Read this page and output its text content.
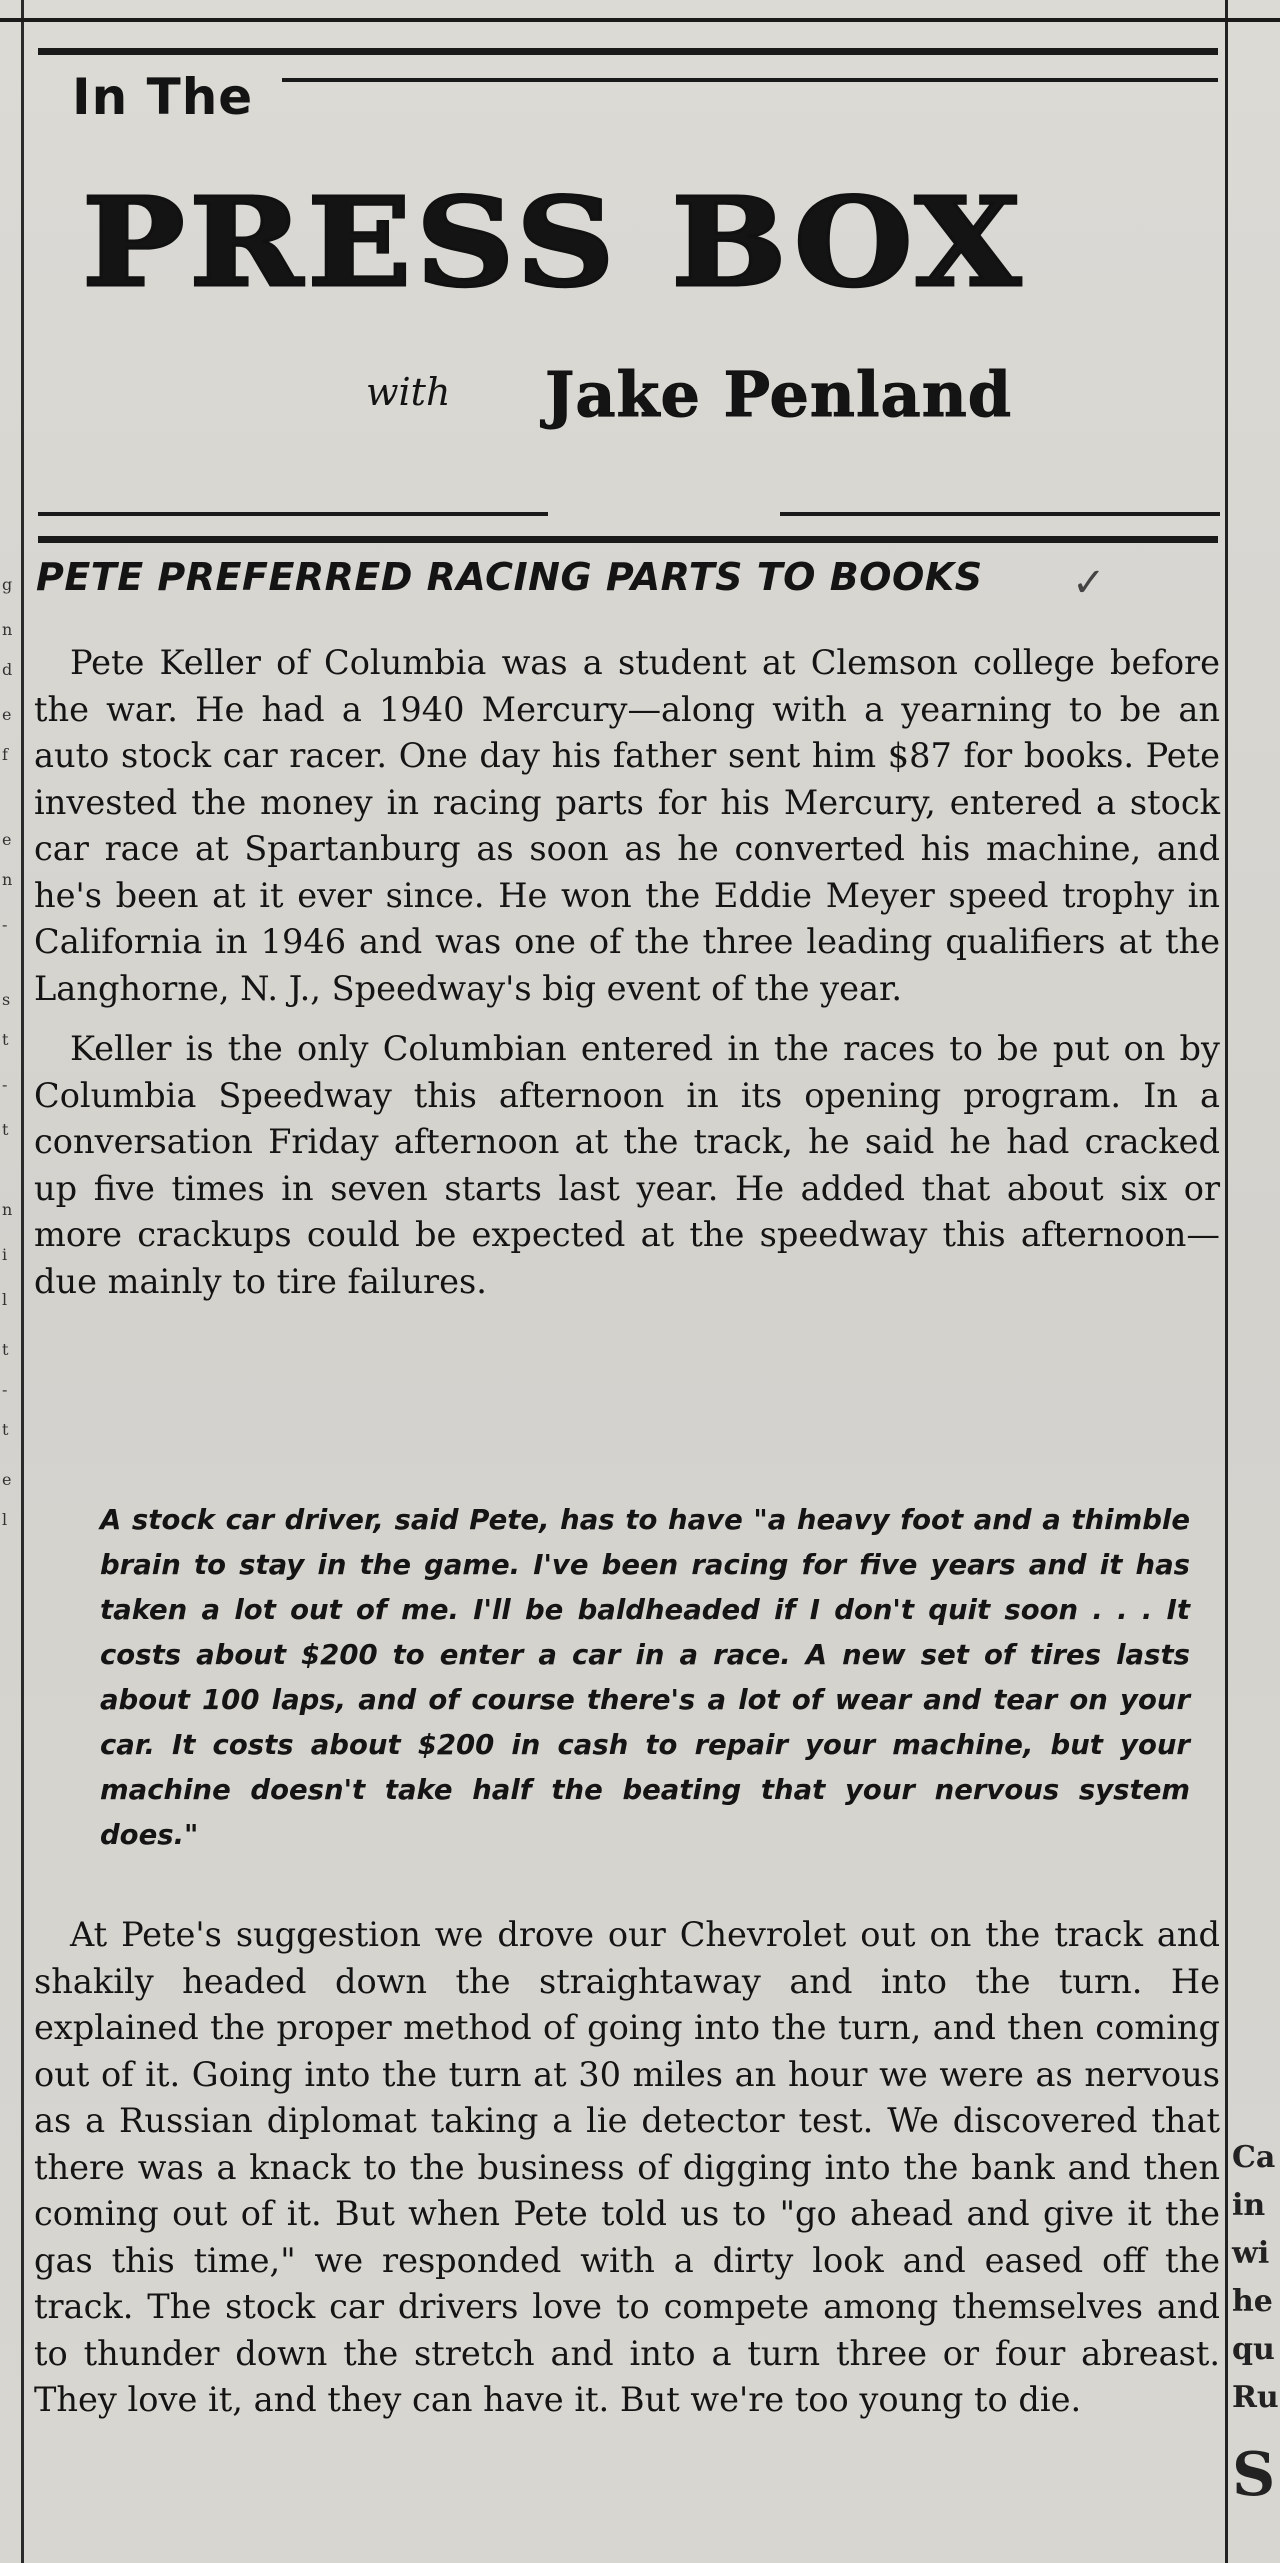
g
n
d
e
f
e
n
-
s
t
-
t
n
i
l
t
-
t
e
l
Ca
in
wi
he
qu
Ru
S
In The
PRESS BOX
with Jake Penland
PETE PREFERRED RACING PARTS TO BOOKS ✓

Pete Keller of Columbia was a student at Clemson college before the war. He had a 1940 Mercury—along with a yearning to be an auto stock car racer. One day his father sent him $87 for books. Pete invested the money in racing parts for his Mercury, entered a stock car race at Spartanburg as soon as he converted his machine, and he's been at it ever since. He won the Eddie Meyer speed trophy in California in 1946 and was one of the three leading qualifiers at the Langhorne, N. J., Speedway's big event of the year.

Keller is the only Columbian entered in the races to be put on by Columbia Speedway this afternoon in its opening program. In a conversation Friday afternoon at the track, he said he had cracked up five times in seven starts last year. He added that about six or more crackups could be expected at the speedway this afternoon—due mainly to tire failures.

A stock car driver, said Pete, has to have "a heavy foot and a thimble brain to stay in the game. I've been racing for five years and it has taken a lot out of me. I'll be baldheaded if I don't quit soon . . . It costs about $200 to enter a car in a race. A new set of tires lasts about 100 laps, and of course there's a lot of wear and tear on your car. It costs about $200 in cash to repair your machine, but your machine doesn't take half the beating that your nervous system does."

At Pete's suggestion we drove our Chevrolet out on the track and shakily headed down the straightaway and into the turn. He explained the proper method of going into the turn, and then coming out of it. Going into the turn at 30 miles an hour we were as nervous as a Russian diplomat taking a lie detector test. We discovered that there was a knack to the business of digging into the bank and then coming out of it. But when Pete told us to "go ahead and give it the gas this time," we responded with a dirty look and eased off the track. The stock car drivers love to compete among themselves and to thunder down the stretch and into a turn three or four abreast. They love it, and they can have it. But we're too young to die.
